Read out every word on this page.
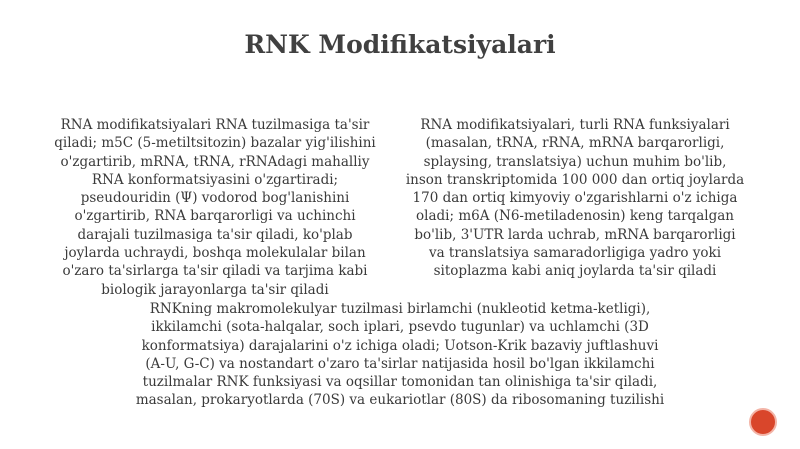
RNK Modifikatsiyalari
RNA modifikatsiyalari RNA tuzilmasiga ta'sir qiladi; m5C (5-metiltsitozin) bazalar yig'ilishini o'zgartirib, mRNA, tRNA, rRNAdagi mahalliy RNA konformatsiyasini o'zgartiradi; pseudouridin (Ψ) vodorod bog'lanishini o'zgartirib, RNA barqarorligi va uchinchi darajali tuzilmasiga ta'sir qiladi, ko'plab joylarda uchraydi, boshqa molekulalar bilan o'zaro ta'sirlarga ta'sir qiladi va tarjima kabi biologik jarayonlarga ta'sir qiladi
RNA modifikatsiyalari, turli RNA funksiyalari (masalan, tRNA, rRNA, mRNA barqarorligi, splaysing, translatsiya) uchun muhim bo'lib, inson transkriptomida 100 000 dan ortiq joylarda 170 dan ortiq kimyoviy o'zgarishlarni o'z ichiga oladi; m6A (N6-metiladenosin) keng tarqalgan bo'lib, 3'UTR larda uchrab, mRNA barqarorligi va translatsiya samaradorligiga yadro yoki sitoplazma kabi aniq joylarda ta'sir qiladi
RNKning makromolekulyar tuzilmasi birlamchi (nukleotid ketma-ketligi), ikkilamchi (sota-halqalar, soch iplari, psevdo tugunlar) va uchlamchi (3D konformatsiya) darajalarini o'z ichiga oladi; Uotson-Krik bazaviy juftlashuvi (A-U, G-C) va nostandart o'zaro ta'sirlar natijasida hosil bo'lgan ikkilamchi tuzilmalar RNK funksiyasi va oqsillar tomonidan tan olinishiga ta'sir qiladi, masalan, prokaryotlarda (70S) va eukariotlar (80S) da ribosomaning tuzilishi
